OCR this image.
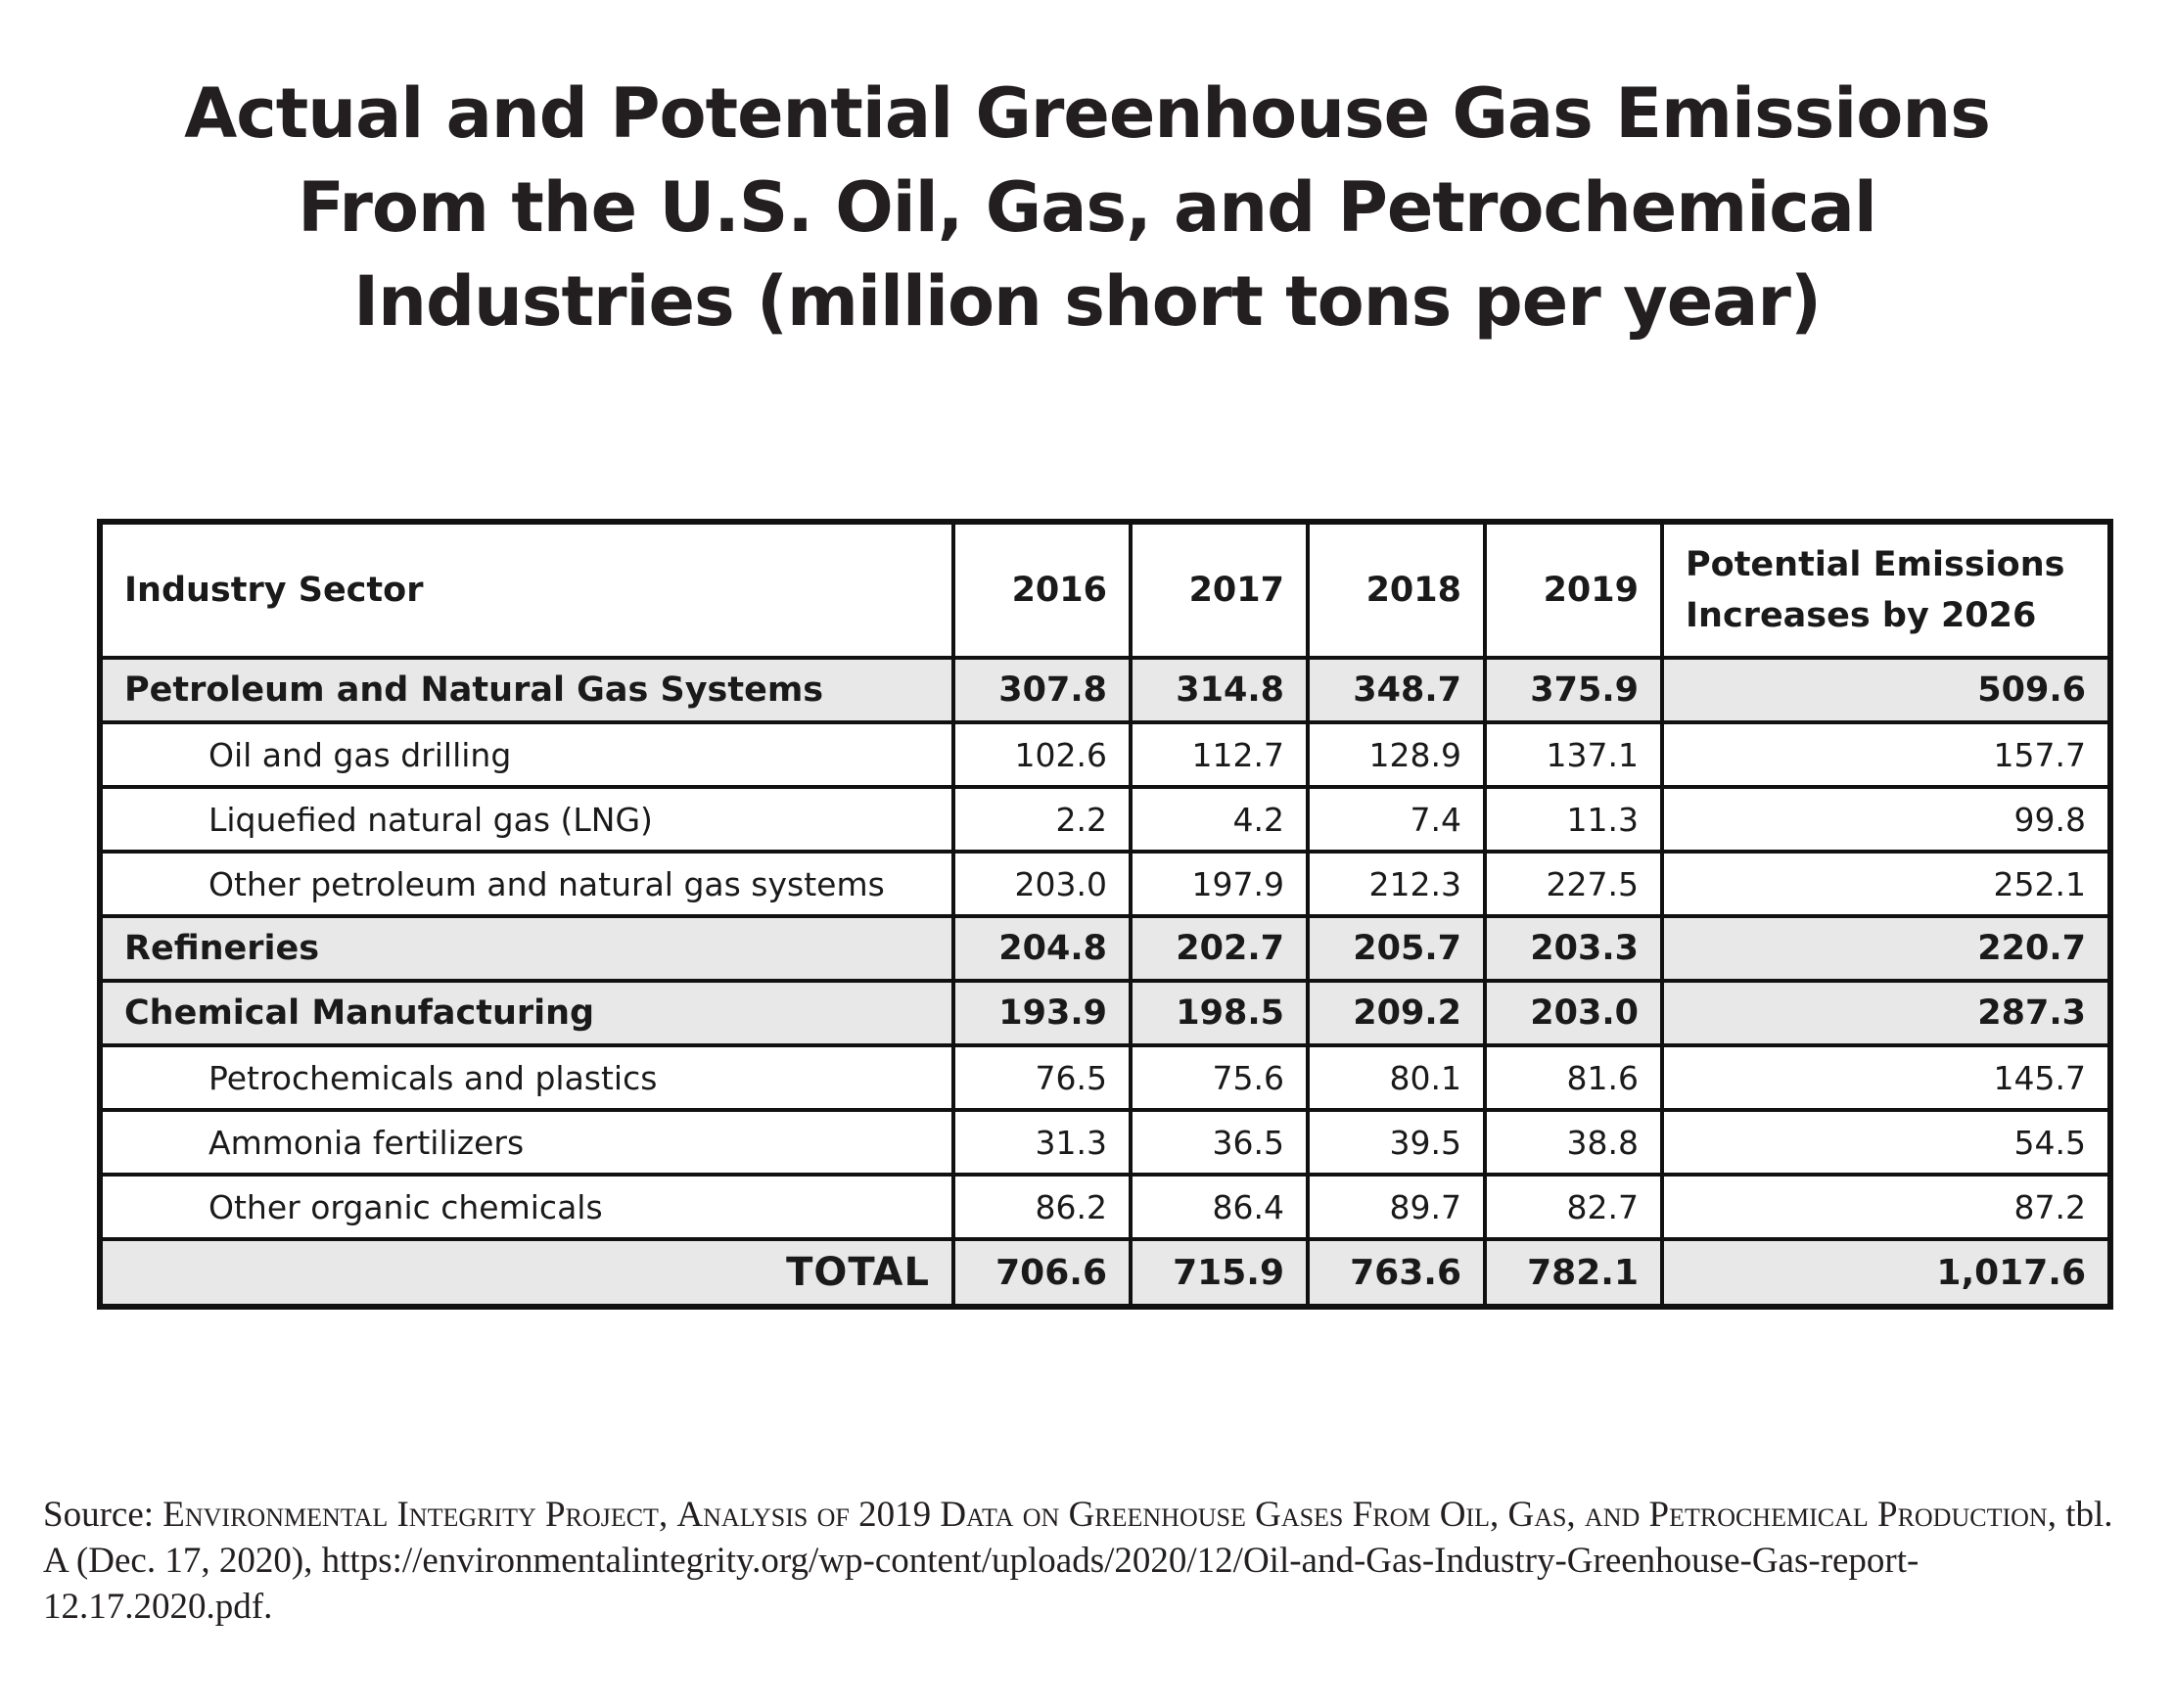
Actual and Potential Greenhouse Gas Emissions
From the U.S. Oil, Gas, and Petrochemical
Industries (million short tons per year)
Industry Sector	2016	2017	2018	2019	Potential Emissions
Increases by 2026

Petroleum and Natural Gas Systems	307.8	314.8	348.7	375.9	509.6
Oil and gas drilling	102.6	112.7	128.9	137.1	157.7
Liquefied natural gas (LNG)	2.2	4.2	7.4	11.3	99.8
Other petroleum and natural gas systems	203.0	197.9	212.3	227.5	252.1
Refineries	204.8	202.7	205.7	203.3	220.7
Chemical Manufacturing	193.9	198.5	209.2	203.0	287.3
Petrochemicals and plastics	76.5	75.6	80.1	81.6	145.7
Ammonia fertilizers	31.3	36.5	39.5	38.8	54.5
Other organic chemicals	86.2	86.4	89.7	82.7	87.2
TOTAL	706.6	715.9	763.6	782.1	1,017.6
Source: Environmental Integrity Project, Analysis of 2019 Data on Greenhouse Gases From Oil, Gas, and Petrochemical Production, tbl. A (Dec. 17, 2020), https://environmentalintegrity.org/wp-content/uploads/2020/12/Oil-and-Gas-Industry-Greenhouse-Gas-report-12.17.2020.pdf.
